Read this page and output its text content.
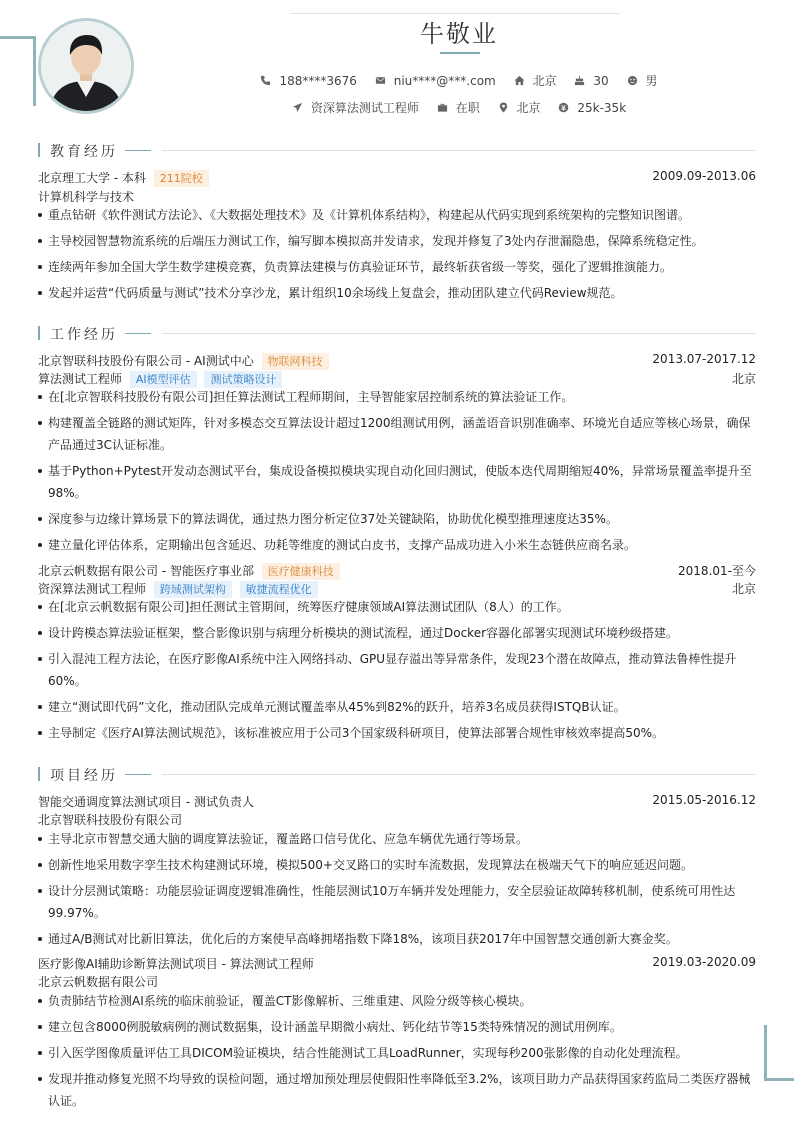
牛敬业
188****3676
	niu****@***.com
	北京
	30
	男
资深算法测试工程师
	在职
	北京
	25k-35k
教育经历
北京理工大学 - 本科 211院校	2009.09-2013.06
计算机科学与技术
重点钻研《软件测试方法论》、《大数据处理技术》及《计算机体系结构》，构建起从代码实现到系统架构的完整知识图谱。
主导校园智慧物流系统的后端压力测试工作，编写脚本模拟高并发请求，发现并修复了3处内存泄漏隐患，保障系统稳定性。
连续两年参加全国大学生数学建模竞赛，负责算法建模与仿真验证环节，最终斩获省级一等奖，强化了逻辑推演能力。
发起并运营“代码质量与测试”技术分享沙龙，累计组织10余场线上复盘会，推动团队建立代码Review规范。
工作经历
北京智联科技股份有限公司 - AI测试中心 物联网科技	2013.07-2017.12
算法测试工程师 AI模型评估 测试策略设计	北京
在[北京智联科技股份有限公司]担任算法测试工程师期间，主导智能家居控制系统的算法验证工作。
构建覆盖全链路的测试矩阵，针对多模态交互算法设计超过1200组测试用例，涵盖语音识别准确率、环境光自适应等核心场景，确保产品通过3C认证标准。
基于Python+Pytest开发动态测试平台，集成设备模拟模块实现自动化回归测试，使版本迭代周期缩短40%，异常场景覆盖率提升至98%。
深度参与边缘计算场景下的算法调优，通过热力图分析定位37处关键缺陷，协助优化模型推理速度达35%。
建立量化评估体系，定期输出包含延迟、功耗等维度的测试白皮书，支撑产品成功进入小米生态链供应商名录。
北京云帆数据有限公司 - 智能医疗事业部 医疗健康科技	2018.01-至今
资深算法测试工程师 跨域测试架构 敏捷流程优化	北京
在[北京云帆数据有限公司]担任测试主管期间，统筹医疗健康领域AI算法测试团队（8人）的工作。
设计跨模态算法验证框架，整合影像识别与病理分析模块的测试流程，通过Docker容器化部署实现测试环境秒级搭建。
引入混沌工程方法论，在医疗影像AI系统中注入网络抖动、GPU显存溢出等异常条件，发现23个潜在故障点，推动算法鲁棒性提升60%。
建立“测试即代码”文化，推动团队完成单元测试覆盖率从45%到82%的跃升，培养3名成员获得ISTQB认证。
主导制定《医疗AI算法测试规范》，该标准被应用于公司3个国家级科研项目，使算法部署合规性审核效率提高50%。
项目经历
智能交通调度算法测试项目 - 测试负责人	2015.05-2016.12
北京智联科技股份有限公司
主导北京市智慧交通大脑的调度算法验证，覆盖路口信号优化、应急车辆优先通行等场景。
创新性地采用数字孪生技术构建测试环境，模拟500+交叉路口的实时车流数据，发现算法在极端天气下的响应延迟问题。
设计分层测试策略：功能层验证调度逻辑准确性，性能层测试10万车辆并发处理能力，安全层验证故障转移机制，使系统可用性达99.97%。
通过A/B测试对比新旧算法，优化后的方案使早高峰拥堵指数下降18%，该项目获2017年中国智慧交通创新大赛金奖。
医疗影像AI辅助诊断算法测试项目 - 算法测试工程师	2019.03-2020.09
北京云帆数据有限公司
负责肺结节检测AI系统的临床前验证，覆盖CT影像解析、三维重建、风险分级等核心模块。
建立包含8000例脱敏病例的测试数据集，设计涵盖早期微小病灶、钙化结节等15类特殊情况的测试用例库。
引入医学图像质量评估工具DICOM验证模块，结合性能测试工具LoadRunner，实现每秒200张影像的自动化处理流程。
发现并推动修复光照不均导致的误检问题，通过增加预处理层使假阳性率降低至3.2%，该项目助力产品获得国家药监局二类医疗器械认证。
